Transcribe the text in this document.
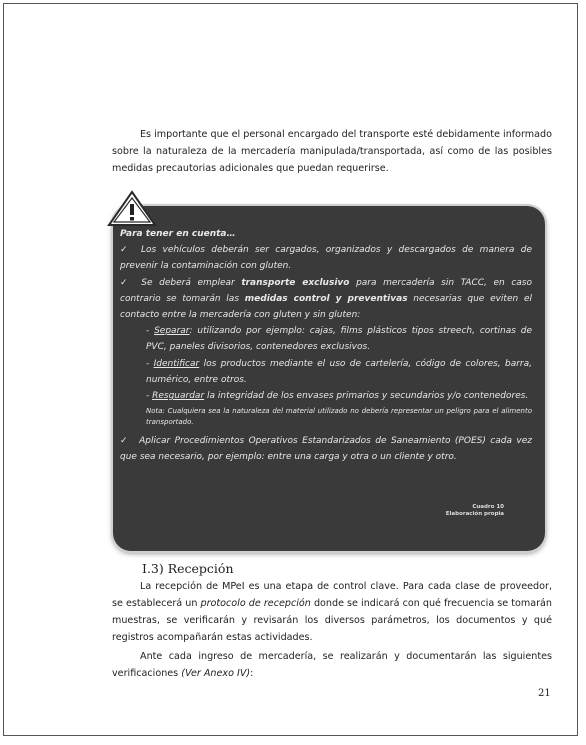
Es importante que el personal encargado del transporte esté debidamente informado sobre la naturaleza de la mercadería manipulada/transportada, así como de las posibles medidas precautorias adicionales que puedan requerirse.

Para tener en cuenta…

✓ Los vehículos deberán ser cargados, organizados y descargados de manera de prevenir la contaminación con gluten.

✓ Se deberá emplear transporte exclusivo para mercadería sin TACC, en caso contrario se tomarán las medidas control y preventivas necesarias que eviten el contacto entre la mercadería con gluten y sin gluten:

- Separar: utilizando por ejemplo: cajas, films plásticos tipos streech, cortinas de PVC, paneles divisorios, contenedores exclusivos.

- Identificar los productos mediante el uso de cartelería, código de colores, barra, numérico, entre otros.

- Resguardar la integridad de los envases primarios y secundarios y/o contenedores.

Nota: Cualquiera sea la naturaleza del material utilizado no debería representar un peligro para el alimento transportado.

✓ Aplicar Procedimientos Operativos Estandarizados de Saneamiento (POES) cada vez que sea necesario, por ejemplo: entre una carga y otra o un cliente y otro.

Cuadro 10
Elaboración propia
I.3) Recepción

La recepción de MPeI es una etapa de control clave. Para cada clase de proveedor, se establecerá un protocolo de recepción donde se indicará con qué frecuencia se tomarán muestras, se verificarán y revisarán los diversos parámetros, los documentos y qué registros acompañarán estas actividades.

Ante cada ingreso de mercadería, se realizarán y documentarán las siguientes verificaciones (Ver Anexo IV):

21
